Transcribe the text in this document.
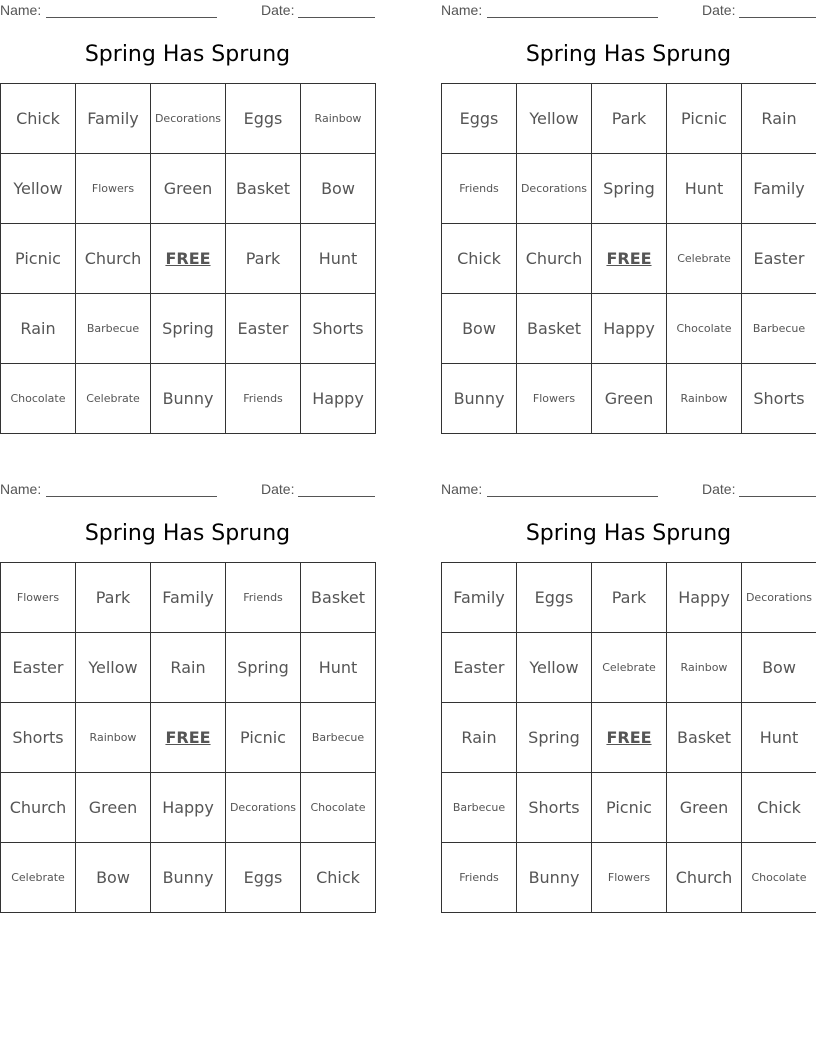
Name:	Date:
Spring Has Sprung
Chick	Family	Decorations	Eggs	Rainbow
Yellow	Flowers	Green	Basket	Bow
Picnic	Church	FREE	Park	Hunt
Rain	Barbecue	Spring	Easter	Shorts
Chocolate	Celebrate	Bunny	Friends	Happy
Name:	Date:
Spring Has Sprung
Eggs	Yellow	Park	Picnic	Rain
Friends	Decorations	Spring	Hunt	Family
Chick	Church	FREE	Celebrate	Easter
Bow	Basket	Happy	Chocolate	Barbecue
Bunny	Flowers	Green	Rainbow	Shorts
Name:	Date:
Spring Has Sprung
Flowers	Park	Family	Friends	Basket
Easter	Yellow	Rain	Spring	Hunt
Shorts	Rainbow	FREE	Picnic	Barbecue
Church	Green	Happy	Decorations	Chocolate
Celebrate	Bow	Bunny	Eggs	Chick
Name:	Date:
Spring Has Sprung
Family	Eggs	Park	Happy	Decorations
Easter	Yellow	Celebrate	Rainbow	Bow
Rain	Spring	FREE	Basket	Hunt
Barbecue	Shorts	Picnic	Green	Chick
Friends	Bunny	Flowers	Church	Chocolate
